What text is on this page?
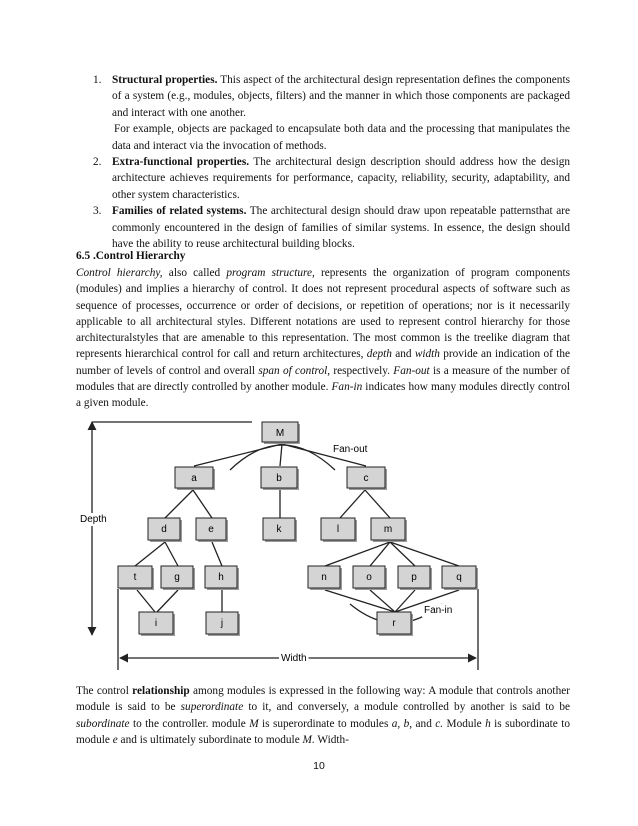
1. Structural properties. This aspect of the architectural design representation defines the components of a system (e.g., modules, objects, filters) and the manner in which those components are packaged and interact with one another.

For example, objects are packaged to encapsulate both data and the processing that manipulates the data and interact via the invocation of methods.

2. Extra-functional properties. The architectural design description should address how the design architecture achieves requirements for performance, capacity, reliability, security, adaptability, and other system characteristics.

3. Families of related systems. The architectural design should draw upon repeatable patternsthat are commonly encountered in the design of families of similar systems. In essence, the design should have the ability to reuse architectural building blocks.

6.5 .Control Hierarchy

Control hierarchy, also called program structure, represents the organization of program components (modules) and implies a hierarchy of control. It does not represent procedural aspects of software such as sequence of processes, occurrence or order of decisions, or repetition of operations; nor is it necessarily applicable to all architectural styles. Different notations are used to represent control hierarchy for those architecturalstyles that are amenable to this representation. The most common is the treelike diagram that represents hierarchical control for call and return architectures, depth and width provide an indication of the number of levels of control and overall span of control, respectively. Fan-out is a measure of the number of modules that are directly controlled by another module. Fan-in indicates how many modules directly control a given module.

M
a	b	c
d	e	k	l	m
t	g	h	n	o	p	q
i	j	r
Fan-out
Fan-in
Depth
Width

The control relationship among modules is expressed in the following way: A module that controls another module is said to be superordinate to it, and conversely, a module controlled by another is said to be subordinate to the controller. module M is superordinate to modules a, b, and c. Module h is subordinate to module e and is ultimately subordinate to module M. Width-

10
